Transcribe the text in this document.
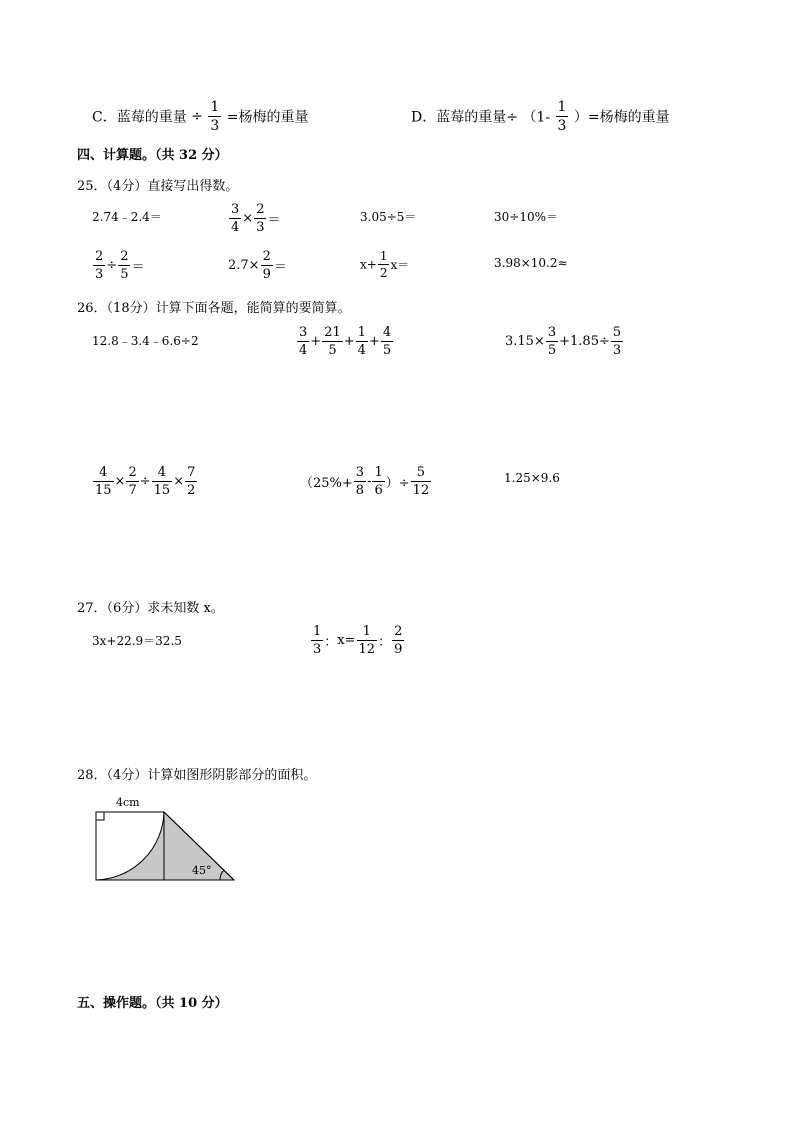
C．蓝莓的重量 ÷ $\frac{1}{3}$ =杨梅的重量	D．蓝莓的重量÷ （$1- \frac{1}{3}$ ）=杨梅的重量
四、计算题。（共 32 分）
25．（4分）直接写出得数。
2.74﹣2.4＝	$\frac{3}{4} \times \frac{2}{3}$ ＝	3.05÷5＝	30÷10%＝
$\frac{2}{3} \div \frac{2}{5}$ ＝	$2.7\times \frac{2}{9}$ ＝	$x+ \frac{1}{2} x=$	3.98×10.2≈
26．（18分）计算下面各题，能简算的要简算。
12.8﹣3.4﹣6.6÷2	$\frac{3}{4} + \frac{21}{5} + \frac{1}{4} + \frac{4}{5}$	$3.15\times \frac{3}{5} +1.85\div \frac{5}{3}$
$\frac{4}{15} \times \frac{2}{7} \div \frac{4}{15} \times \frac{7}{2}$	（$25\%+ \frac{3}{8} - \frac{1}{6}$ ）÷ $\frac{5}{12}$	1.25×9.6
27．（6分）求未知数 x。
3x+22.9＝32.5	$\frac{1}{3}$ ：$x= \frac{1}{12}$ ： $\frac{2}{9}$
28．（4分）计算如图形阴影部分的面积。
4cm
45°
五、操作题。（共 10 分）
